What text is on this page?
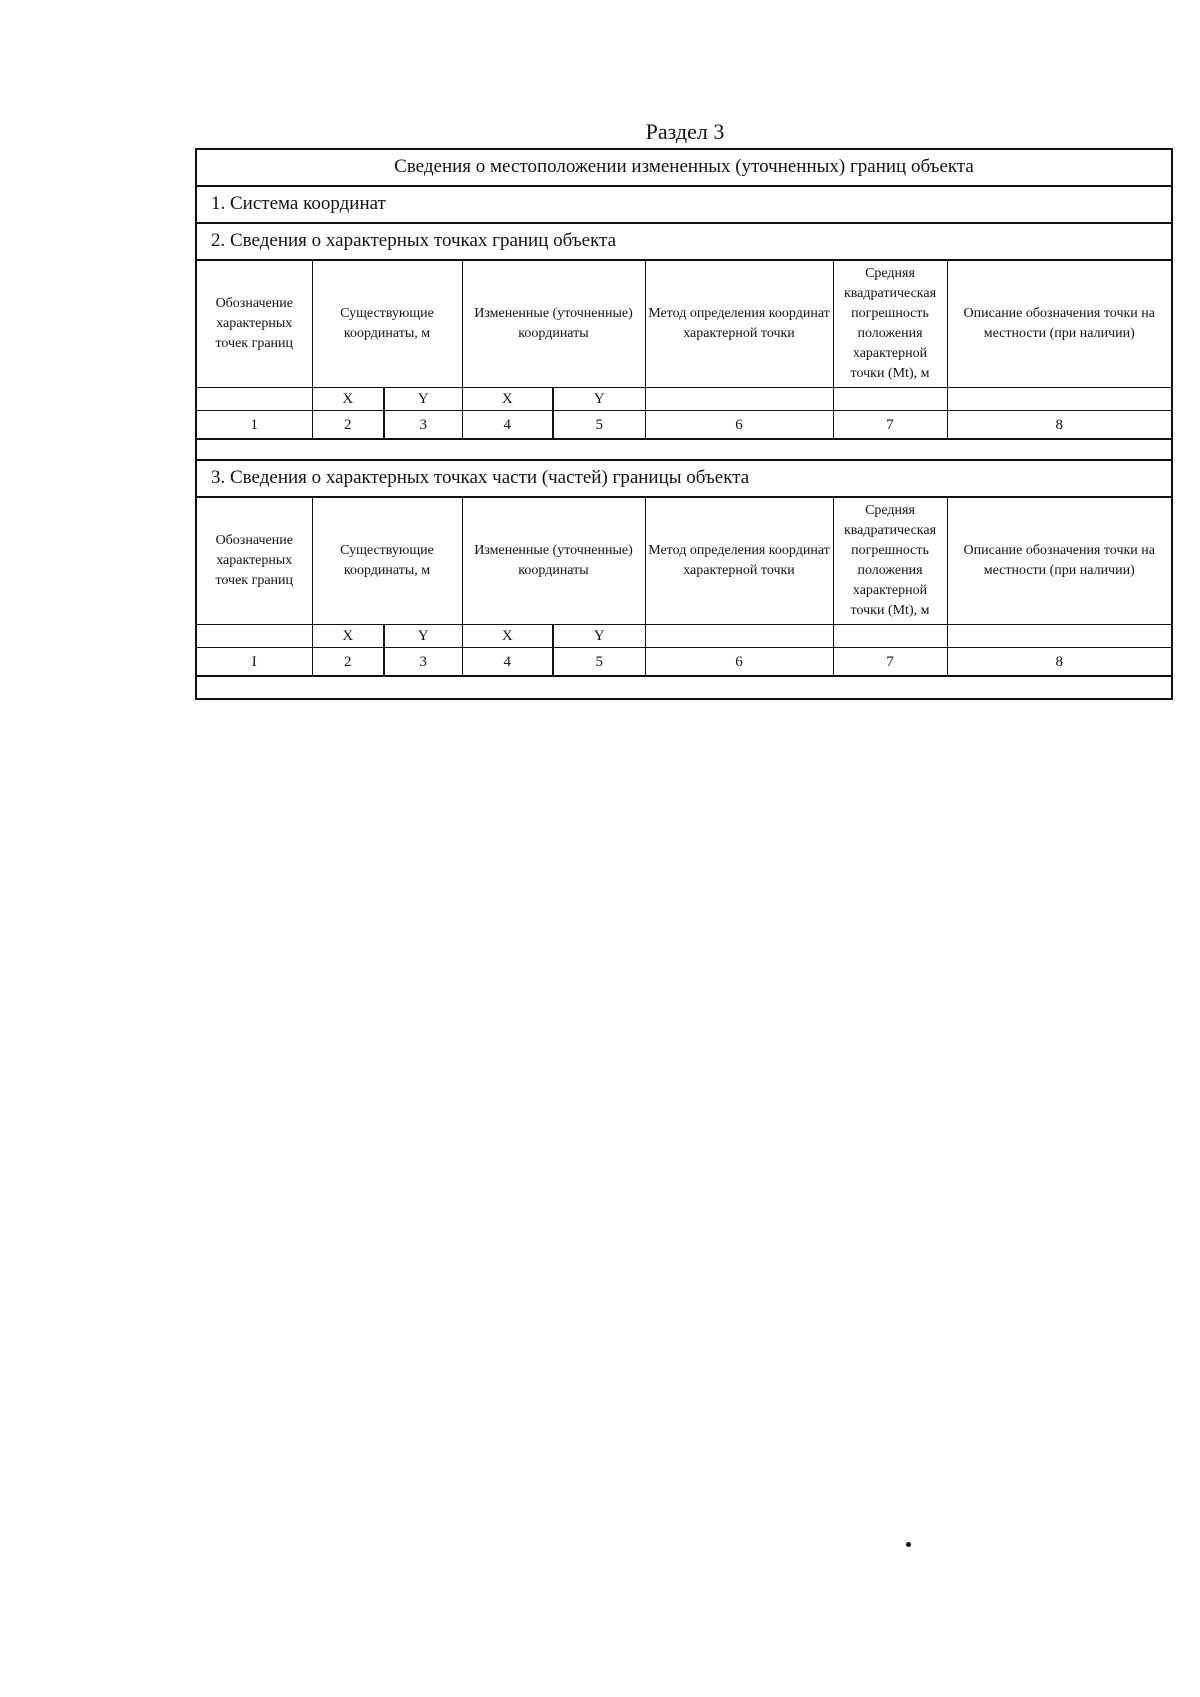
Раздел 3
Сведения о местоположении измененных (уточненных) границ объекта
1. Система координат
2. Сведения о характерных точках границ объекта
Обозначение характерных точек границ	Существующие координаты, м		Измененные (уточненные) координаты		Метод определения координат характерной точки	Средняя квадратическая погрешность положения характерной точки (Mt), м	Описание обозначения точки на местности (при наличии)
	X	Y	X	Y			
1	2	3	4	5	6	7	8
3. Сведения о характерных точках части (частей) границы объекта
Обозначение характерных точек границ	Существующие координаты, м		Измененные (уточненные) координаты		Метод определения координат характерной точки	Средняя квадратическая погрешность положения характерной точки (Mt), м	Описание обозначения точки на местности (при наличии)
	X	Y	X	Y			
I	2	3	4	5	6	7	8
